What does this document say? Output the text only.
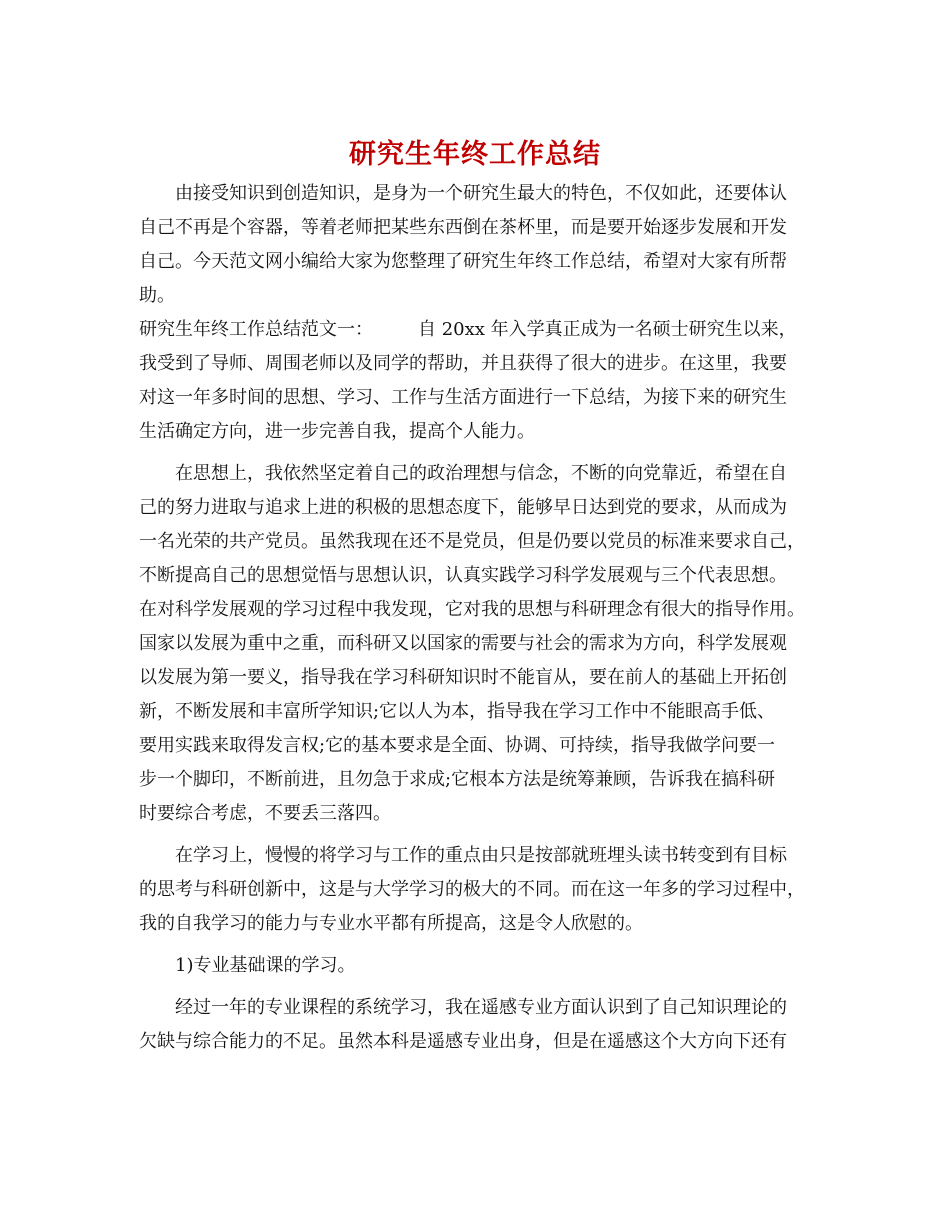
研究生年终工作总结
　　由接受知识到创造知识，是身为一个研究生最大的特色，不仅如此，还要体认
自己不再是个容器，等着老师把某些东西倒在茶杯里，而是要开始逐步发展和开发
自己。今天范文网小编给大家为您整理了研究生年终工作总结，希望对大家有所帮
助。
研究生年终工作总结范文一：　　　自 20xx 年入学真正成为一名硕士研究生以来，
我受到了导师、周围老师以及同学的帮助，并且获得了很大的进步。在这里，我要
对这一年多时间的思想、学习、工作与生活方面进行一下总结，为接下来的研究生
生活确定方向，进一步完善自我，提高个人能力。
　　在思想上，我依然坚定着自己的政治理想与信念，不断的向党靠近，希望在自
己的努力进取与追求上进的积极的思想态度下，能够早日达到党的要求，从而成为
一名光荣的共产党员。虽然我现在还不是党员，但是仍要以党员的标准来要求自己，
不断提高自己的思想觉悟与思想认识，认真实践学习科学发展观与三个代表思想。
在对科学发展观的学习过程中我发现，它对我的思想与科研理念有很大的指导作用。
国家以发展为重中之重，而科研又以国家的需要与社会的需求为方向，科学发展观
以发展为第一要义，指导我在学习科研知识时不能盲从，要在前人的基础上开拓创
新，不断发展和丰富所学知识;它以人为本，指导我在学习工作中不能眼高手低、
要用实践来取得发言权;它的基本要求是全面、协调、可持续，指导我做学问要一
步一个脚印，不断前进，且勿急于求成;它根本方法是统筹兼顾，告诉我在搞科研
时要综合考虑，不要丢三落四。
　　在学习上，慢慢的将学习与工作的重点由只是按部就班埋头读书转变到有目标
的思考与科研创新中，这是与大学学习的极大的不同。而在这一年多的学习过程中，
我的自我学习的能力与专业水平都有所提高，这是令人欣慰的。
　　1)专业基础课的学习。
　　经过一年的专业课程的系统学习，我在遥感专业方面认识到了自己知识理论的
欠缺与综合能力的不足。虽然本科是遥感专业出身，但是在遥感这个大方向下还有
